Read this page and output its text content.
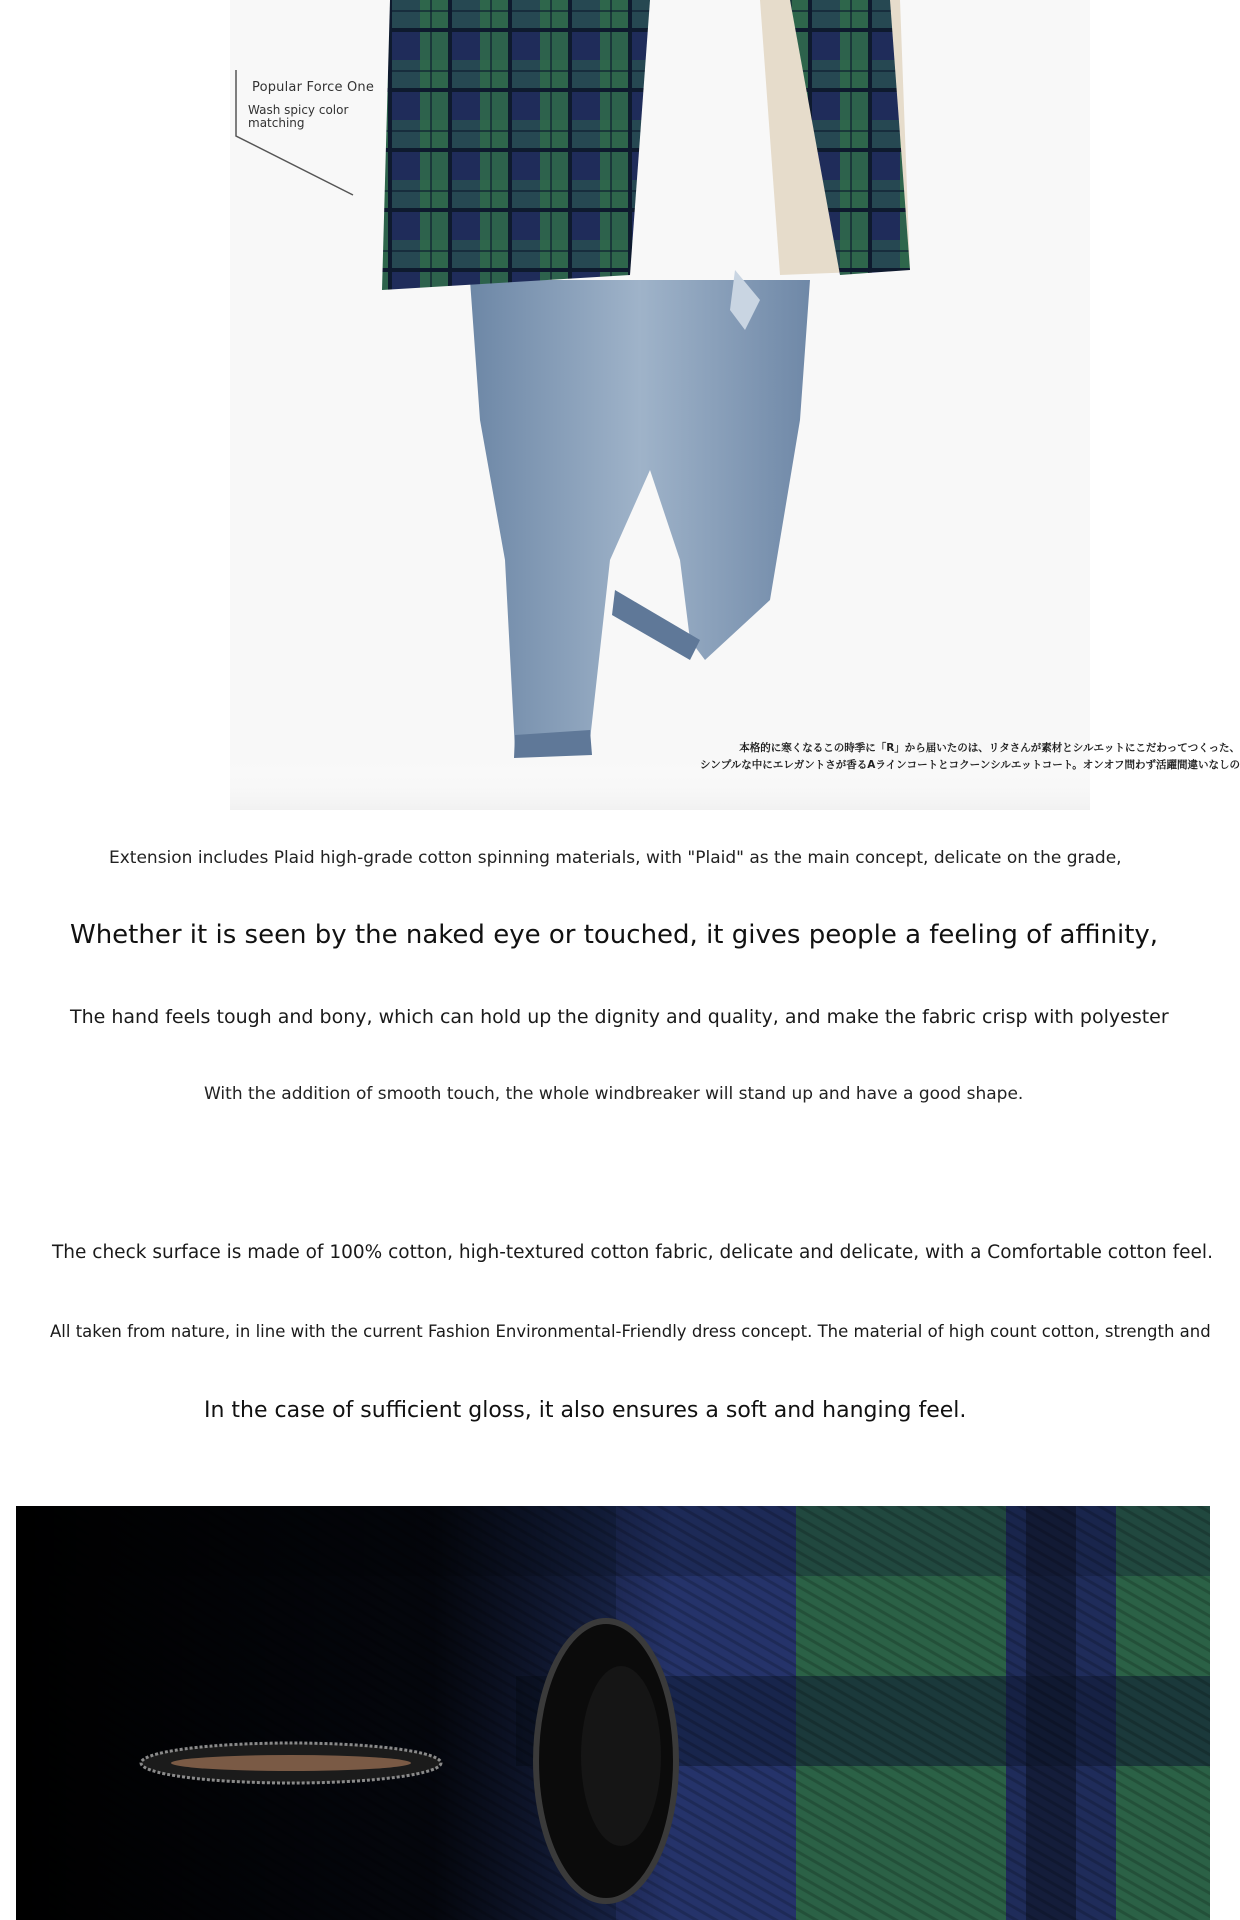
Popular Force One
Wash spicy color matching
本格的に寒くなるこの時季に「R」から届いたのは、リタさんが素材とシルエットにこだわってつくった、
シンプルな中にエレガントさが香るAラインコートとコクーンシルエットコート。オンオフ問わず活躍間違いなしの
Extension includes Plaid high-grade cotton spinning materials, with "Plaid" as the main concept, delicate on the grade,
Whether it is seen by the naked eye or touched, it gives people a feeling of affinity,
The hand feels tough and bony, which can hold up the dignity and quality, and make the fabric crisp with polyester
With the addition of smooth touch, the whole windbreaker will stand up and have a good shape.
The check surface is made of 100% cotton, high-textured cotton fabric, delicate and delicate, with a Comfortable cotton feel.
All taken from nature, in line with the current Fashion Environmental-Friendly dress concept. The material of high count cotton, strength and
In the case of sufficient gloss, it also ensures a soft and hanging feel.
